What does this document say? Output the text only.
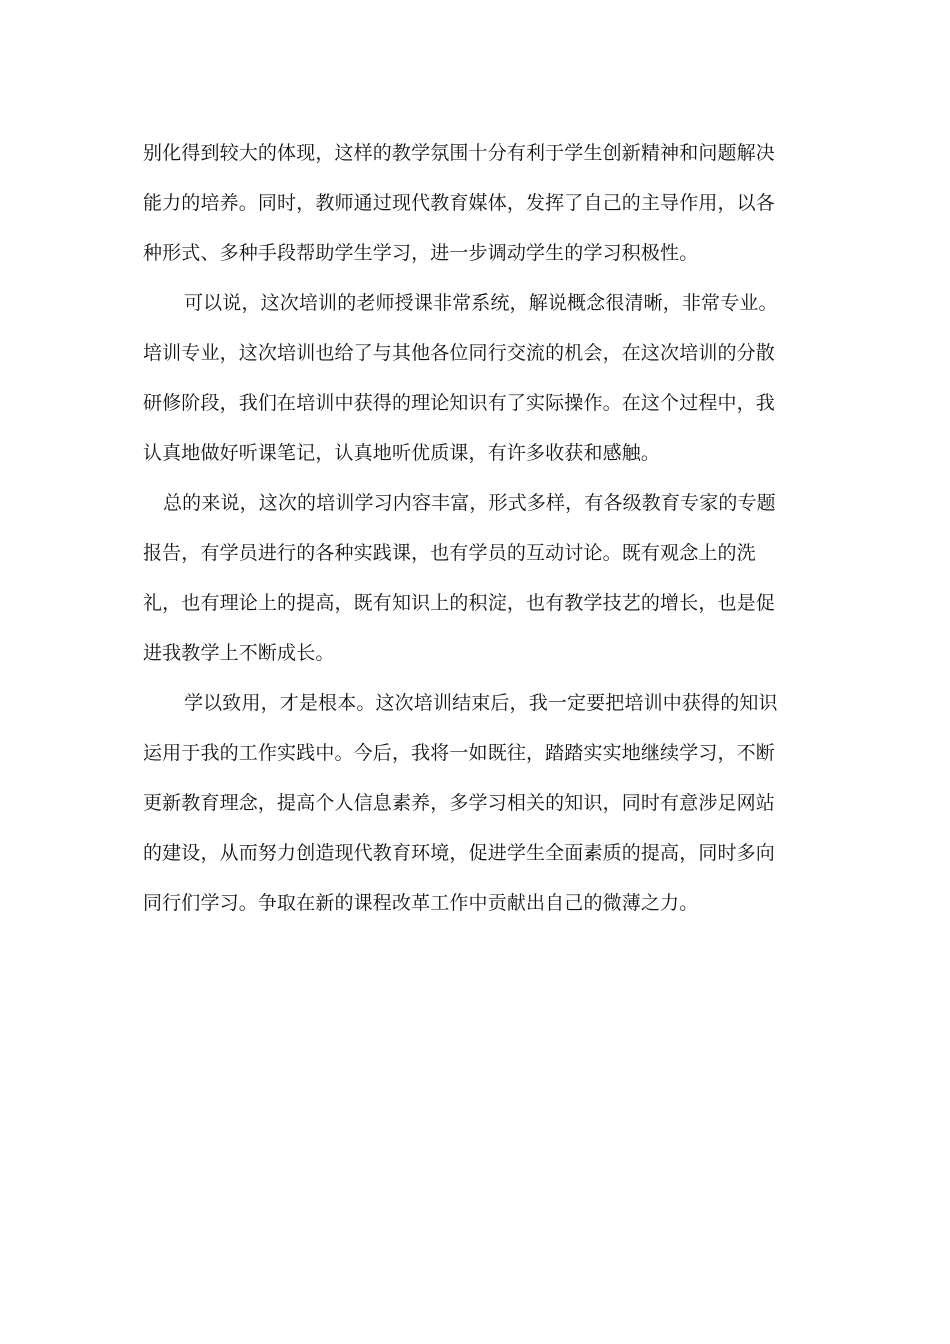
别化得到较大的体现，这样的教学氛围十分有利于学生创新精神和问题解决
能力的培养。同时，教师通过现代教育媒体，发挥了自己的主导作用，以各
种形式、多种手段帮助学生学习，进一步调动学生的学习积极性。
可以说，这次培训的老师授课非常系统，解说概念很清晰，非常专业。
培训专业，这次培训也给了与其他各位同行交流的机会，在这次培训的分散
研修阶段，我们在培训中获得的理论知识有了实际操作。在这个过程中，我
认真地做好听课笔记，认真地听优质课，有许多收获和感触。
总的来说，这次的培训学习内容丰富，形式多样，有各级教育专家的专题
报告，有学员进行的各种实践课，也有学员的互动讨论。既有观念上的洗
礼，也有理论上的提高，既有知识上的积淀，也有教学技艺的增长，也是促
进我教学上不断成长。
学以致用，才是根本。这次培训结束后，我一定要把培训中获得的知识
运用于我的工作实践中。今后，我将一如既往，踏踏实实地继续学习，不断
更新教育理念，提高个人信息素养，多学习相关的知识，同时有意涉足网站
的建设，从而努力创造现代教育环境，促进学生全面素质的提高，同时多向
同行们学习。争取在新的课程改革工作中贡献出自己的微薄之力。
